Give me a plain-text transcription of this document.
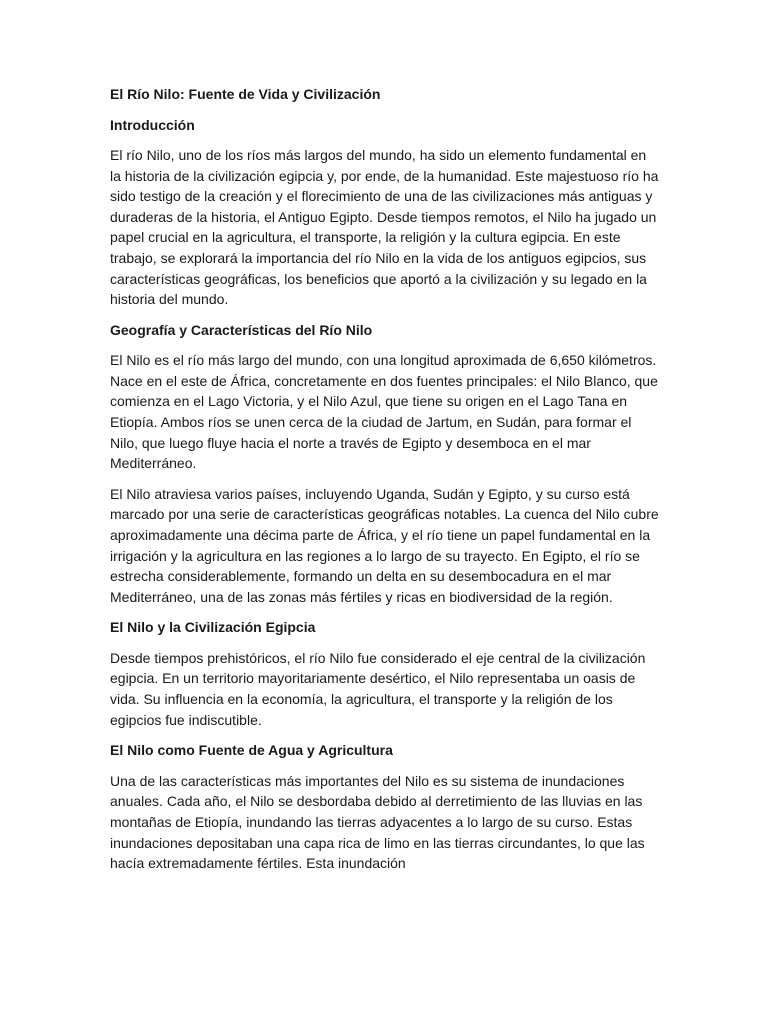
El Río Nilo: Fuente de Vida y Civilización

Introducción

El río Nilo, uno de los ríos más largos del mundo, ha sido un elemento fundamental en la historia de la civilización egipcia y, por ende, de la humanidad. Este majestuoso río ha sido testigo de la creación y el florecimiento de una de las civilizaciones más antiguas y duraderas de la historia, el Antiguo Egipto. Desde tiempos remotos, el Nilo ha jugado un papel crucial en la agricultura, el transporte, la religión y la cultura egipcia. En este trabajo, se explorará la importancia del río Nilo en la vida de los antiguos egipcios, sus características geográficas, los beneficios que aportó a la civilización y su legado en la historia del mundo.

Geografía y Características del Río Nilo

El Nilo es el río más largo del mundo, con una longitud aproximada de 6,650 kilómetros. Nace en el este de África, concretamente en dos fuentes principales: el Nilo Blanco, que comienza en el Lago Victoria, y el Nilo Azul, que tiene su origen en el Lago Tana en Etiopía. Ambos ríos se unen cerca de la ciudad de Jartum, en Sudán, para formar el Nilo, que luego fluye hacia el norte a través de Egipto y desemboca en el mar Mediterráneo.

El Nilo atraviesa varios países, incluyendo Uganda, Sudán y Egipto, y su curso está marcado por una serie de características geográficas notables. La cuenca del Nilo cubre aproximadamente una décima parte de África, y el río tiene un papel fundamental en la irrigación y la agricultura en las regiones a lo largo de su trayecto. En Egipto, el río se estrecha considerablemente, formando un delta en su desembocadura en el mar Mediterráneo, una de las zonas más fértiles y ricas en biodiversidad de la región.

El Nilo y la Civilización Egipcia

Desde tiempos prehistóricos, el río Nilo fue considerado el eje central de la civilización egipcia. En un territorio mayoritariamente desértico, el Nilo representaba un oasis de vida. Su influencia en la economía, la agricultura, el transporte y la religión de los egipcios fue indiscutible.

El Nilo como Fuente de Agua y Agricultura

Una de las características más importantes del Nilo es su sistema de inundaciones anuales. Cada año, el Nilo se desbordaba debido al derretimiento de las lluvias en las montañas de Etiopía, inundando las tierras adyacentes a lo largo de su curso. Estas inundaciones depositaban una capa rica de limo en las tierras circundantes, lo que las hacía extremadamente fértiles. Esta inundación
